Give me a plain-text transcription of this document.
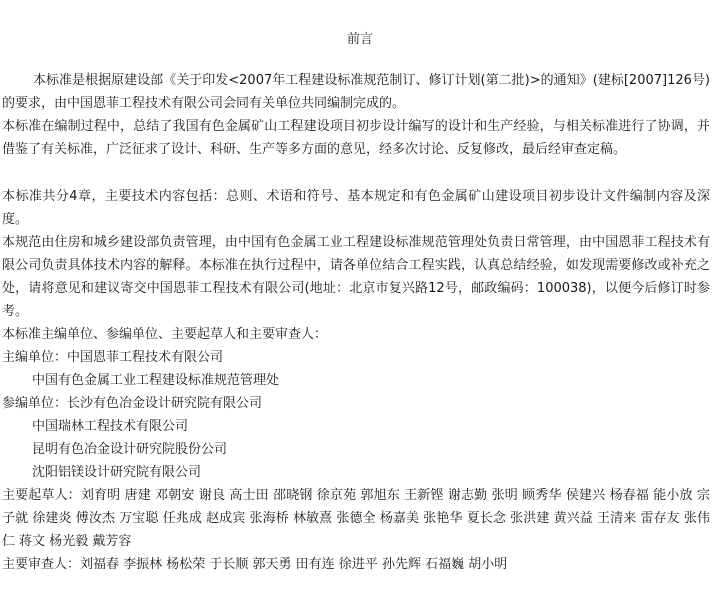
前言
本标准是根据原建设部《关于印发<2007年工程建设标准规范制订、修订计划(第二批)>的通知》(建标[2007]126号)的要求，由中国恩菲工程技术有限公司会同有关单位共同编制完成的。
本标准在编制过程中，总结了我国有色金属矿山工程建设项目初步设计编写的设计和生产经验，与相关标准进行了协调，并借鉴了有关标准，广泛征求了设计、科研、生产等多方面的意见，经多次讨论、反复修改，最后经审查定稿。
本标准共分4章，主要技术内容包括：总则、术语和符号、基本规定和有色金属矿山建设项目初步设计文件编制内容及深度。
本规范由住房和城乡建设部负责管理，由中国有色金属工业工程建设标准规范管理处负责日常管理，由中国恩菲工程技术有限公司负责具体技术内容的解释。本标准在执行过程中，请各单位结合工程实践，认真总结经验，如发现需要修改或补充之处，请将意见和建议寄交中国恩菲工程技术有限公司(地址：北京市复兴路12号，邮政编码：100038)，以便今后修订时参考。
本标准主编单位、参编单位、主要起草人和主要审查人：
主编单位：中国恩菲工程技术有限公司
中国有色金属工业工程建设标准规范管理处
参编单位：长沙有色冶金设计研究院有限公司
中国瑞林工程技术有限公司
昆明有色冶金设计研究院股份公司
沈阳铝镁设计研究院有限公司
主要起草人：刘育明 唐建 邓朝安 谢良 高士田 邵晓钢 徐京苑 郭旭东 王新铿 谢志勤 张明 顾秀华 侯建兴 杨春福 能小放 宗子就 徐建炎 傅汝杰 万宝聪 任兆成 赵成宾 张海桥 林敏熹 张德全 杨嘉美 张艳华 夏长念 张洪建 黄兴益 王清来 雷存友 张伟仁 蒋文 杨光毅 戴芳容
主要审查人：刘福春 李振林 杨松荣 于长顺 郭天勇 田有连 徐进平 孙先辉 石福巍 胡小明
